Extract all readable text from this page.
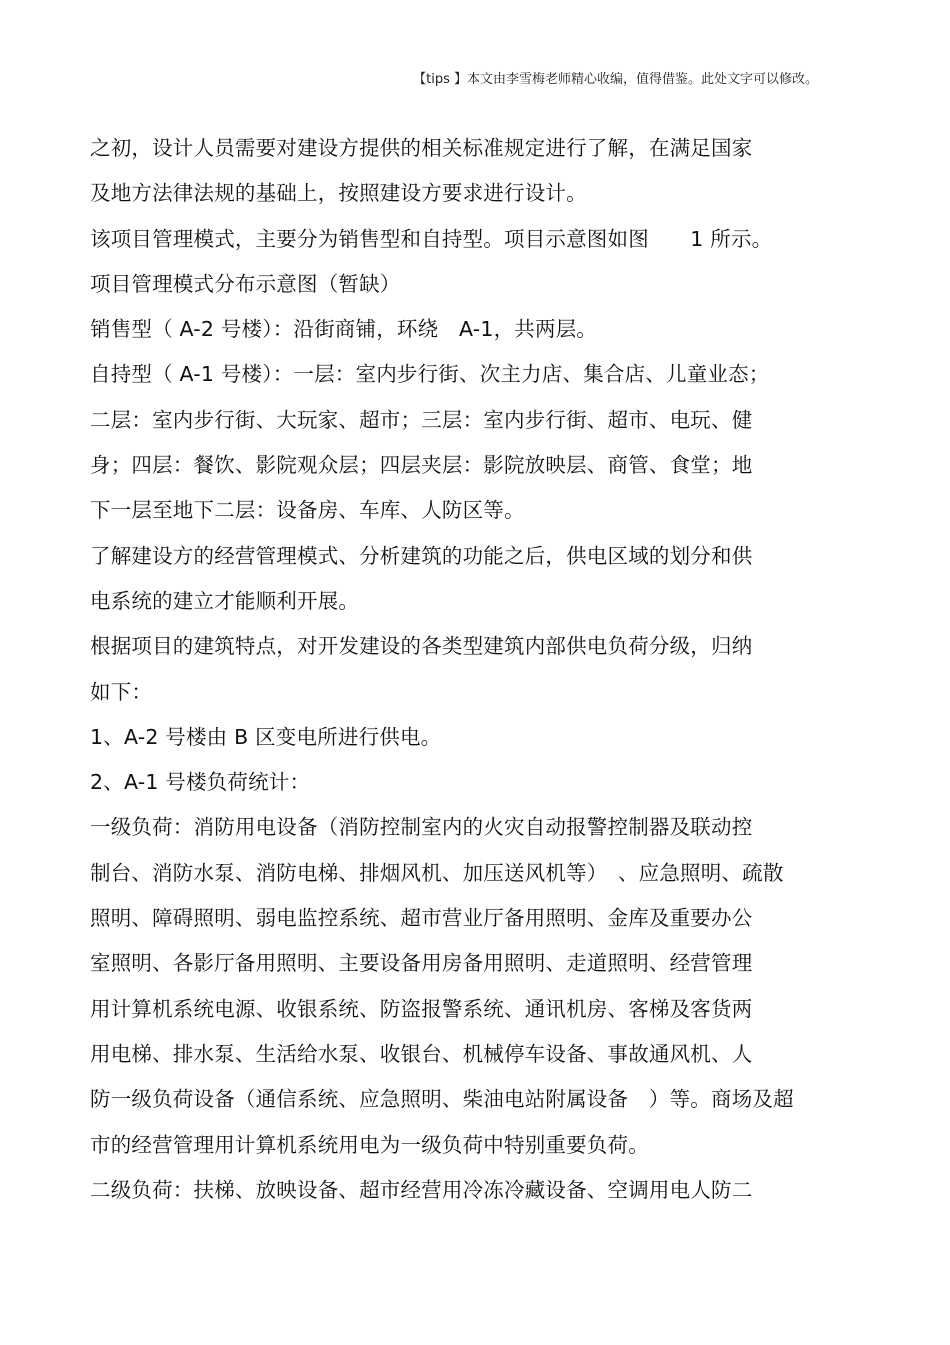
【tips 】本文由李雪梅老师精心收编，值得借鉴。此处文字可以修改。
之初，设计人员需要对建设方提供的相关标准规定进行了解，在满足国家
及地方法律法规的基础上，按照建设方要求进行设计。
该项目管理模式，主要分为销售型和自持型。项目示意图如图　　1 所示。
项目管理模式分布示意图（暂缺）
销售型（ A-2 号楼）：沿街商铺，环绕　A-1，共两层。
自持型（ A-1 号楼）：一层：室内步行街、次主力店、集合店、儿童业态；
二层：室内步行街、大玩家、超市；三层：室内步行街、超市、电玩、健
身；四层：餐饮、影院观众层；四层夹层：影院放映层、商管、食堂；地
下一层至地下二层：设备房、车库、人防区等。
了解建设方的经营管理模式、分析建筑的功能之后，供电区域的划分和供
电系统的建立才能顺利开展。
根据项目的建筑特点，对开发建设的各类型建筑内部供电负荷分级，归纳
如下：
1、A-2 号楼由 B 区变电所进行供电。
2、A-1 号楼负荷统计：
一级负荷：消防用电设备（消防控制室内的火灾自动报警控制器及联动控
制台、消防水泵、消防电梯、排烟风机、加压送风机等）　、应急照明、疏散
照明、障碍照明、弱电监控系统、超市营业厅备用照明、金库及重要办公
室照明、各影厅备用照明、主要设备用房备用照明、走道照明、经营管理
用计算机系统电源、收银系统、防盗报警系统、通讯机房、客梯及客货两
用电梯、排水泵、生活给水泵、收银台、机械停车设备、事故通风机、人
防一级负荷设备（通信系统、应急照明、柴油电站附属设备　）等。商场及超
市的经营管理用计算机系统用电为一级负荷中特别重要负荷。
二级负荷：扶梯、放映设备、超市经营用冷冻冷藏设备、空调用电人防二
